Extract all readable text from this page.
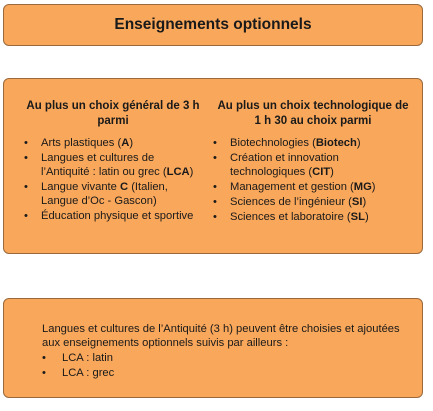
Enseignements optionnels
Au plus un choix général de 3 h parmi
• Arts plastiques (A)
• Langues et cultures de l’Antiquité : latin ou grec (LCA)
• Langue vivante C (Italien, Langue d’Oc - Gascon)
• Éducation physique et sportive
Au plus un choix technologique de 1 h 30 au choix parmi
• Biotechnologies (Biotech)
• Création et innovation technologiques (CIT)
• Management et gestion (MG)
• Sciences de l’ingénieur (SI)
• Sciences et laboratoire (SL)

Langues et cultures de l’Antiquité (3 h) peuvent être choisies et ajoutées aux enseignements optionnels suivis par ailleurs :

• LCA : latin
• LCA : grec
